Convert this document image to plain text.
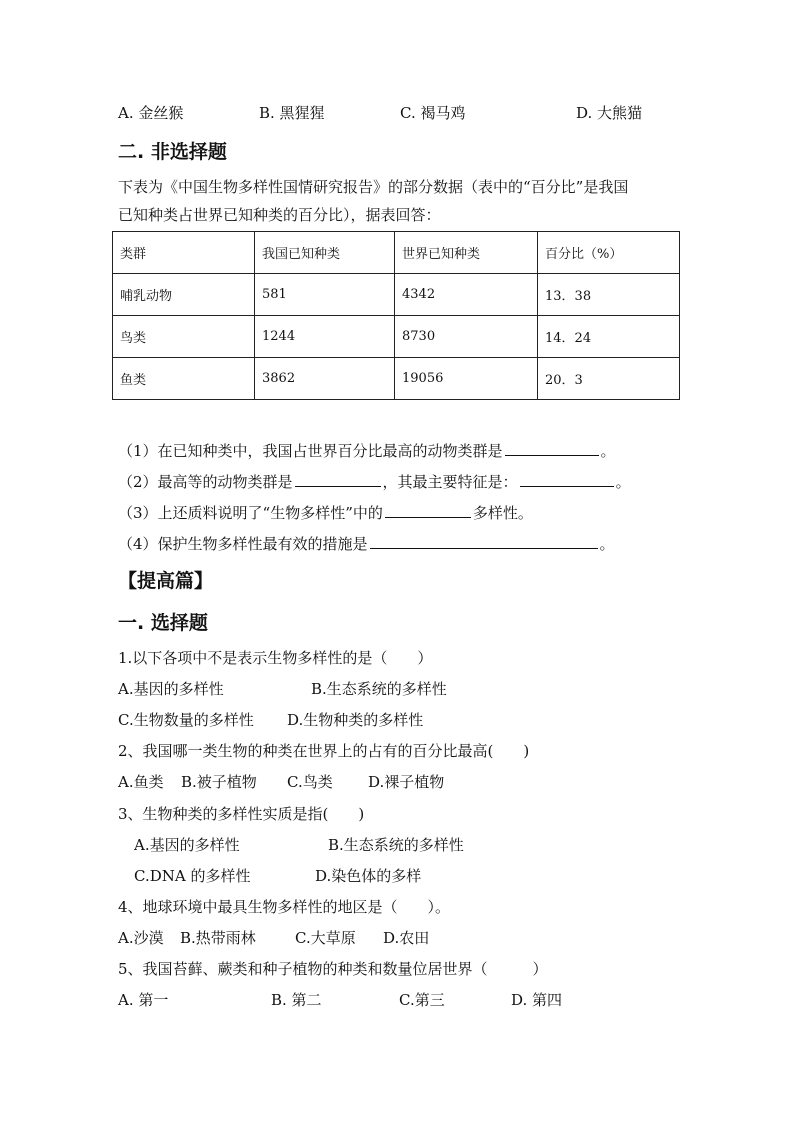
A. 金丝猴	B. 黑猩猩	C. 褐马鸡	D. 大熊猫
二. 非选择题
下表为《中国生物多样性国情研究报告》的部分数据（表中的“百分比”是我国
已知种类占世界已知种类的百分比），据表回答：
类群	我国已知种类	世界已知种类	百分比（%）
哺乳动物	581	4342	13．38
鸟类	1244	8730	14．24
鱼类	3862	19056	20．3
（1）在已知种类中，我国占世界百分比最高的动物类群是	。
（2）最高等的动物类群是	，其最主要特征是：	。
（3）上还质料说明了“生物多样性”中的	多样性。
（4）保护生物多样性最有效的措施是	。
【提高篇】
一. 选择题
1.以下各项中不是表示生物多样性的是（　　）
A.基因的多样性	B.生态系统的多样性
C.生物数量的多样性 D.生物种类的多样性
2、我国哪一类生物的种类在世界上的占有的百分比最高(　　)
A.鱼类 B.被子植物 C.鸟类 D.裸子植物
3、生物种类的多样性实质是指(　　)
A.基因的多样性	B.生态系统的多样性
C.DNA 的多样性	D.染色体的多样
4、地球环境中最具生物多样性的地区是（　　）。
A.沙漠 B.热带雨林	C.大草原 D.农田
5、我国苔藓、蕨类和种子植物的种类和数量位居世界（　　　）
A. 第一	B. 第二	C.第三	D. 第四
